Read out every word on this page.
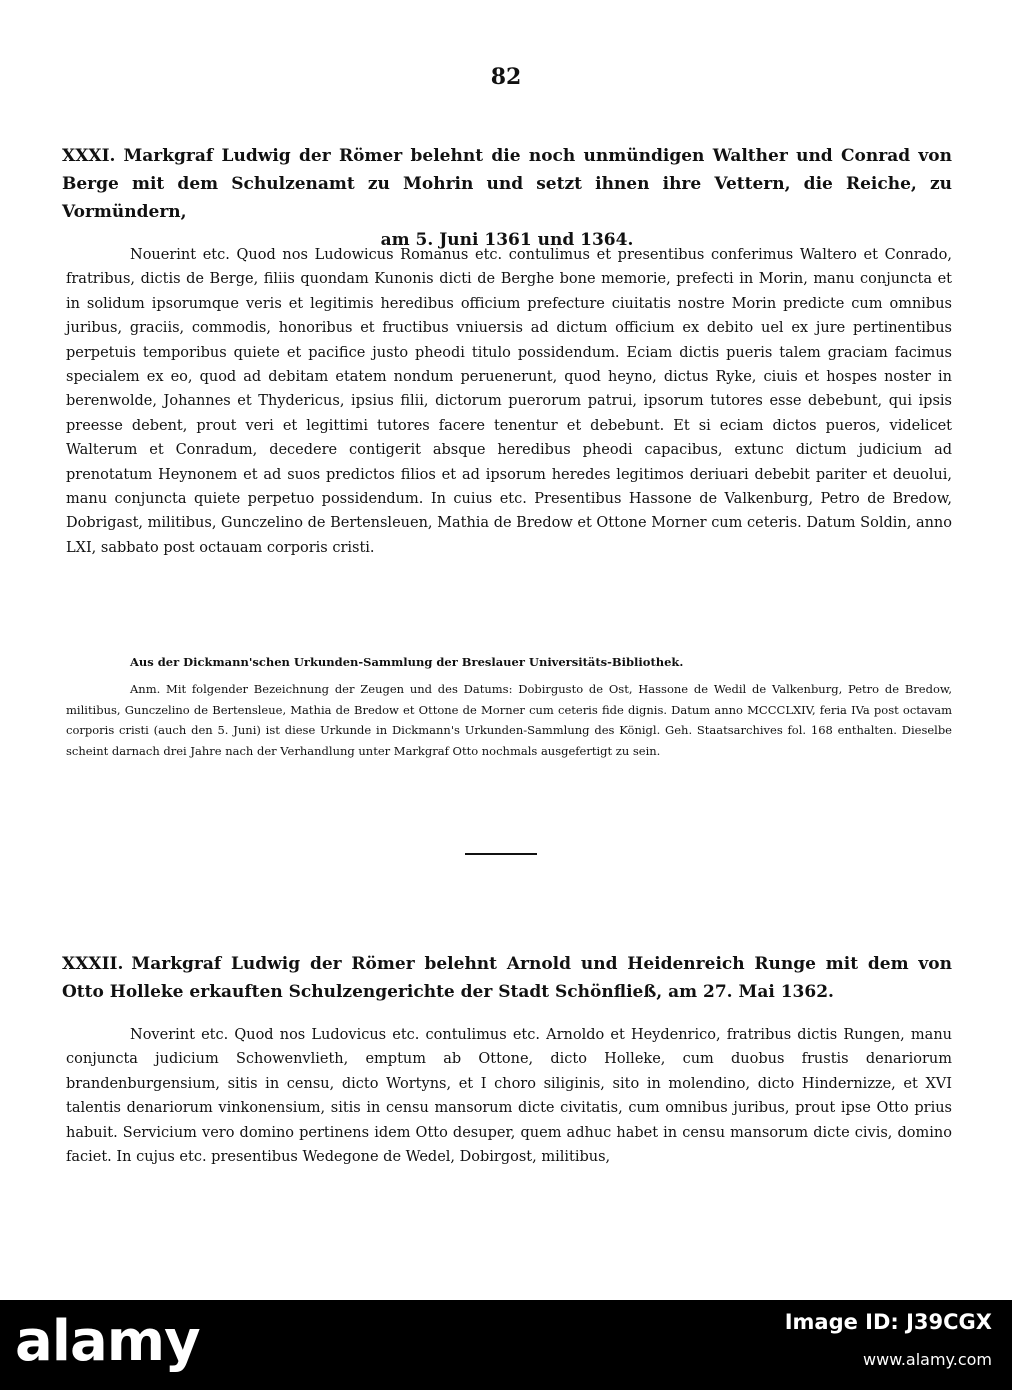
82
XXXI. Markgraf Ludwig der Römer belehnt die noch unmündigen Walther und Conrad von Berge mit dem Schulzenamt zu Mohrin und setzt ihnen ihre Vettern, die Reiche, zu Vormündern,
am 5. Juni 1361 und 1364.

Nouerint etc. Quod nos Ludowicus Romanus etc. contulimus et presentibus conferimus Waltero et Conrado, fratribus, dictis de Berge, filiis quondam Kunonis dicti de Berghe bone memorie, prefecti in Morin, manu conjuncta et in solidum ipsorumque veris et legitimis heredibus officium prefecture ciuitatis nostre Morin predicte cum omnibus juribus, graciis, commodis, honoribus et fructibus vniuersis ad dictum officium ex debito uel ex jure pertinentibus perpetuis temporibus quiete et pacifice justo pheodi titulo possidendum. Eciam dictis pueris talem graciam facimus specialem ex eo, quod ad debitam etatem nondum peruenerunt, quod heyno, dictus Ryke, ciuis et hospes noster in berenwolde, Johannes et Thydericus, ipsius filii, dictorum puerorum patrui, ipsorum tutores esse debebunt, qui ipsis preesse debent, prout veri et legittimi tutores facere tenentur et debebunt. Et si eciam dictos pueros, videlicet Walterum et Conradum, decedere contigerit absque heredibus pheodi capacibus, extunc dictum judicium ad prenotatum Heynonem et ad suos predictos filios et ad ipsorum heredes legitimos deriuari debebit pariter et deuolui, manu conjuncta quiete perpetuo possidendum. In cuius etc. Presentibus Hassone de Valkenburg, Petro de Bredow, Dobrigast, militibus, Gunczelino de Bertensleuen, Mathia de Bredow et Ottone Morner cum ceteris. Datum Soldin, anno LXI, sabbato post octauam corporis cristi.

Aus der Dickmann'schen Urkunden-Sammlung der Breslauer Universitäts-Bibliothek.

Anm. Mit folgender Bezeichnung der Zeugen und des Datums: Dobirgusto de Ost, Hassone de Wedil de Valkenburg, Petro de Bredow, militibus, Gunczelino de Bertensleue, Mathia de Bredow et Ottone de Morner cum ceteris fide dignis. Datum anno MCCCLXIV, feria IVa post octavam corporis cristi (auch den 5. Juni) ist diese Urkunde in Dickmann's Urkunden-Sammlung des Königl. Geh. Staatsarchives fol. 168 enthalten. Dieselbe scheint darnach drei Jahre nach der Verhandlung unter Markgraf Otto nochmals ausgefertigt zu sein.

XXXII. Markgraf Ludwig der Römer belehnt Arnold und Heidenreich Runge mit dem von Otto Holleke erkauften Schulzengerichte der Stadt Schönfließ, am 27. Mai 1362.

Noverint etc. Quod nos Ludovicus etc. contulimus etc. Arnoldo et Heydenrico, fratribus dictis Rungen, manu conjuncta judicium Schowenvlieth, emptum ab Ottone, dicto Holleke, cum duobus frustis denariorum brandenburgensium, sitis in censu, dicto Wortyns, et I choro siliginis, sito in molendino, dicto Hindernizze, et XVI talentis denariorum vinkonensium, sitis in censu mansorum dicte civitatis, cum omnibus juribus, prout ipse Otto prius habuit. Servicium vero domino pertinens idem Otto desuper, quem adhuc habet in censu mansorum dicte civis, domino faciet. In cujus etc. presentibus Wedegone de Wedel, Dobirgost, militibus,

alamy	Image ID: J39CGX

www.alamy.com
